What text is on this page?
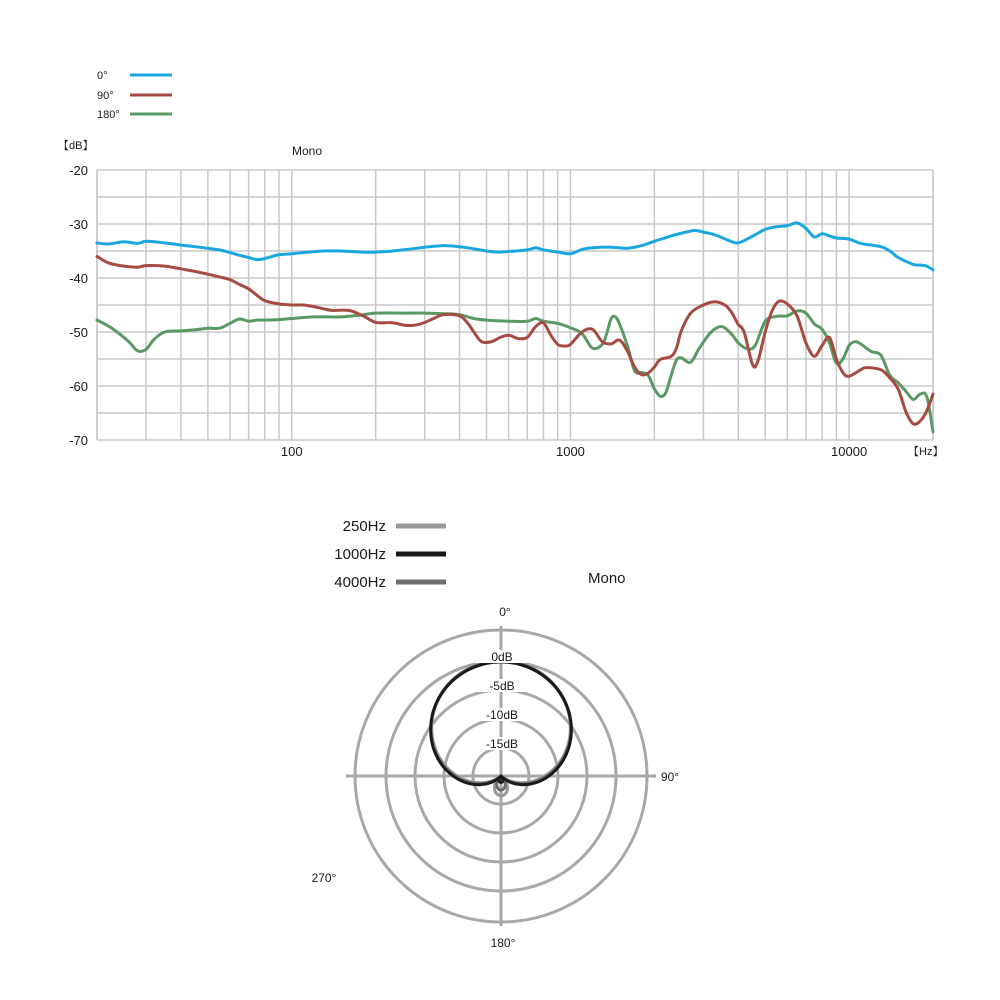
0°
90°
180°
【dB】	Mono
-20
-30
-40
-50
-60
-70
100	1000	10000	【Hz】
250Hz
1000Hz
4000Hz	Mono
0°
90°
180°
270°
0dB
-5dB
-10dB
-15dB
